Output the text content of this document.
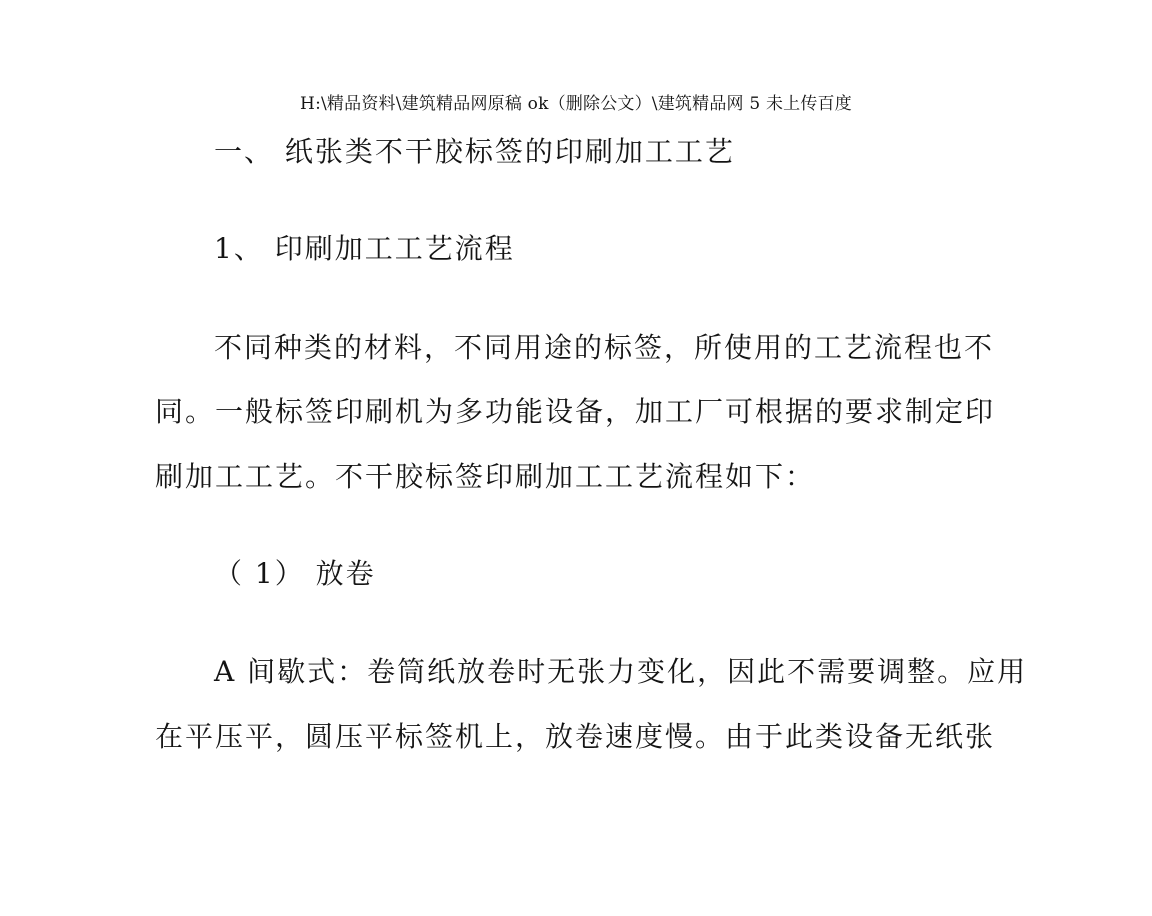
H:\精品资料\建筑精品网原稿 ok（删除公文）\建筑精品网 5 未上传百度
一、 纸张类不干胶标签的印刷加工工艺
1、 印刷加工工艺流程
不同种类的材料，不同用途的标签，所使用的工艺流程也不
同。一般标签印刷机为多功能设备，加工厂可根据的要求制定印
刷加工工艺。不干胶标签印刷加工工艺流程如下：
（ 1） 放卷
A 间歇式：卷筒纸放卷时无张力变化，因此不需要调整。应用
在平压平，圆压平标签机上，放卷速度慢。由于此类设备无纸张
